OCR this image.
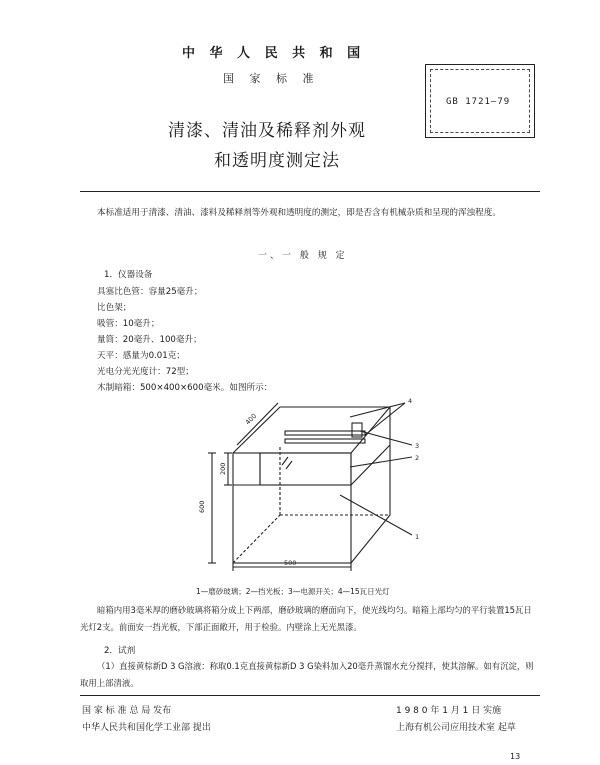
中 华 人 民 共 和 国
国 家 标 准
GB 1721—79
清漆、清油及稀释剂外观
和透明度测定法
本标准适用于清漆、清油、漆料及稀释剂等外观和透明度的测定，即是否含有机械杂质和呈现的浑浊程度。
一、一 般 规 定
1．仪器设备
具塞比色管：容量25毫升；
比色架；
吸管：10毫升；
量筒：20毫升、100毫升；
天平：感量为0.01克；
光电分光光度计：72型；
木制暗箱：500×400×600毫米。如图所示：
600
200
500
400
4
3
2
1
1—磨砂玻璃；2—挡光板；3—电源开关；4—15瓦日光灯
暗箱内用3毫米厚的磨砂玻璃将箱分成上下两部，磨砂玻璃的磨面向下，使光线均匀。暗箱上部均匀的平行装置15瓦日光灯2支。前面安一挡光板，下部正面敞开，用于检验。内壁涂上无光黑漆。
2．试剂
（1）直接黄棕新D 3 G溶液：称取0.1克直接黄棕新D 3 G染料加入20毫升蒸馏水充分搅拌，使其溶解。如有沉淀，则取用上部清液。
国 家 标 准 总 局 发布
中华人民共和国化学工业部 提出
1 9 8 0 年 1 月 1 日 实施
上海有机公司应用技术室 起草
13
